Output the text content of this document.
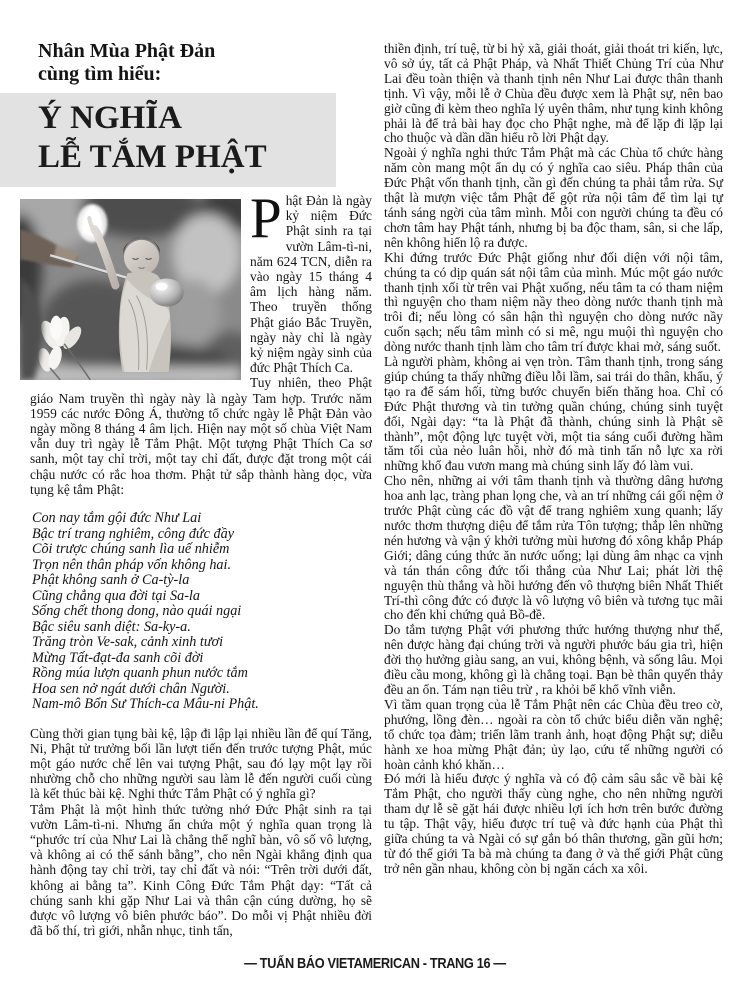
Nhân Mùa Phật Đản
cùng tìm hiểu:
Ý NGHĨA
LỄ TẮM PHẬT

Phật Đản là ngày kỷ niệm Đức Phật sinh ra tại vườn Lâm-tì-ni, năm 624 TCN, diễn ra vào ngày 15 tháng 4 âm lịch hàng năm. Theo truyền thống Phật giáo Bắc Truyền, ngày này chỉ là ngày kỷ niệm ngày sinh của đức Phật Thích Ca.

Tuy nhiên, theo Phật giáo Nam truyền thì ngày này là ngày Tam hợp. Trước năm 1959 các nước Đông Á, thường tổ chức ngày lễ Phật Đản vào ngày mồng 8 tháng 4 âm lịch. Hiện nay một số chùa Việt Nam vẫn duy trì ngày lễ Tắm Phật. Một tượng Phật Thích Ca sơ sanh, một tay chỉ trời, một tay chỉ đất, được đặt trong một cái chậu nước có rắc hoa thơm. Phật tử sắp thành hàng dọc, vừa tụng kệ tắm Phật:

Con nay tắm gội đức Như Lai
Bậc trí trang nghiêm, công đức đầy
Cõi trược chúng sanh lìa uế nhiễm
Trọn nên thân pháp vốn không hai.
Phật không sanh ở Ca-tỳ-la
Cũng chẳng qua đời tại Sa-la
Sống chết thong dong, nào quái ngại
Bậc siêu sanh diệt: Sa-ky-a.
Trăng tròn Ve-sak, cảnh xinh tươi
Mừng Tất-đạt-đa sanh cõi đời
Rồng múa lượn quanh phun nước tắm
Hoa sen nở ngát dưới chân Người.
Nam-mô Bổn Sư Thích-ca Mâu-ni Phật.

Cùng thời gian tụng bài kệ, lập đi lập lại nhiều lần để quí Tăng, Ni, Phật tử trưởng bối lần lượt tiến đến trước tượng Phật, múc một gáo nước chế lên vai tượng Phật, sau đó lạy một lạy rồi nhường chỗ cho những người sau làm lễ đến người cuối cùng là kết thúc bài kệ. Nghi thức Tắm Phật có ý nghĩa gì?

Tắm Phật là một hình thức tưởng nhớ Đức Phật sinh ra tại vườn Lâm-tì-ni. Nhưng ẩn chứa một ý nghĩa quan trọng là “phước trí của Như Lai là chẳng thể nghĩ bàn, vô số vô lượng, và không ai có thể sánh bằng”, cho nên Ngài khẳng định qua hành động tay chỉ trời, tay chỉ đất và nói: “Trên trời dưới đất, không ai bằng ta”. Kinh Công Đức Tắm Phật dạy: “Tất cả chúng sanh khi gặp Như Lai và thân cận cúng dường, họ sẽ được vô lượng vô biên phước báo”. Do mỗi vị Phật nhiều đời đã bố thí, trì giới, nhẫn nhục, tinh tấn,

thiền định, trí tuệ, từ bi hỷ xã, giải thoát, giải thoát tri kiến, lực, vô sở úy, tất cả Phật Pháp, và Nhất Thiết Chủng Trí của Như Lai đều toàn thiện và thanh tịnh nên Như Lai được thân thanh tịnh. Vì vậy, mỗi lễ ở Chùa đều được xem là Phật sự, nên bao giờ cũng đi kèm theo nghĩa lý uyên thâm, như tụng kinh không phải là để trả bài hay đọc cho Phật nghe, mà để lặp đi lặp lại cho thuộc và dần dần hiểu rõ lời Phật dạy.

Ngoài ý nghĩa nghi thức Tắm Phật mà các Chùa tổ chức hàng năm còn mang một ẩn dụ có ý nghĩa cao siêu. Pháp thân của Đức Phật vốn thanh tịnh, cần gì đến chúng ta phải tắm rửa. Sự thật là mượn việc tắm Phật để gột rửa nội tâm để tìm lại tự tánh sáng ngời của tâm mình. Mỗi con người chúng ta đều có chơn tâm hay Phật tánh, nhưng bị ba độc tham, sân, si che lấp, nên không hiển lộ ra được.

Khi đứng trước Đức Phật giống như đối diện với nội tâm, chúng ta có dịp quán sát nội tâm của mình. Múc một gáo nước thanh tịnh xối từ trên vai Phật xuống, nếu tâm ta có tham niệm thì nguyện cho tham niệm nầy theo dòng nước thanh tịnh mà trôi đi; nếu lòng có sân hận thì nguyện cho dòng nước nầy cuốn sạch; nếu tâm mình có si mê, ngu muội thì nguyện cho dòng nước thanh tịnh làm cho tâm trí được khai mở, sáng suốt.

Là người phàm, không ai vẹn tròn. Tâm thanh tịnh, trong sáng giúp chúng ta thấy những điều lỗi lầm, sai trái do thân, khẩu, ý tạo ra để sám hối, từng bước chuyển biến thăng hoa. Chỉ có Đức Phật thương và tin tưởng quần chúng, chúng sinh tuyệt đối, Ngài dạy: “ta là Phật đã thành, chúng sinh là Phật sẽ thành”, một động lực tuyệt vời, một tia sáng cuối đường hầm tăm tối của nẻo luân hồi, nhờ đó mà tinh tấn nỗ lực xa rời những khổ đau vươn mang mà chúng sinh lấy đó làm vui.

Cho nên, những ai với tâm thanh tịnh và thường dâng hương hoa anh lạc, tràng phan lọng che, và an trí những cái gối nệm ở trước Phật cùng các đồ vật để trang nghiêm xung quanh; lấy nước thơm thượng diệu để tắm rửa Tôn tượng; thắp lên những nén hương và vận ý khởi tưởng mùi hương đó xông khắp Pháp Giới; dâng cúng thức ăn nước uống; lại dùng âm nhạc ca vịnh và tán thán công đức tối thắng của Như Lai; phát lời thệ nguyện thù thắng và hồi hướng đến vô thượng biên Nhất Thiết Trí-thì công đức có được là vô lượng vô biên và tương tục mãi cho đến khi chứng quả Bồ-đề.

Do tắm tượng Phật với phương thức hướng thượng như thế, nên được hàng đại chúng trời và người phước báu gia trì, hiện đời thọ hưởng giàu sang, an vui, không bệnh, và sống lâu. Mọi điều cầu mong, không gì là chẳng toại. Bạn bè thân quyến thảy đều an ổn. Tám nạn tiêu trừ , ra khỏi bể khổ vĩnh viễn.

Vì tầm quan trọng của lễ Tắm Phật nên các Chùa đều treo cờ, phướng, lồng đèn… ngoài ra còn tổ chức biểu diễn văn nghệ; tổ chức tọa đàm; triển lãm tranh ảnh, hoạt động Phật sự; diễu hành xe hoa mừng Phật đản; ủy lạo, cứu tế những người có hoàn cảnh khó khăn…

Đó mới là hiểu được ý nghĩa và có độ cảm sâu sắc về bài kệ Tắm Phật, cho người thấy cùng nghe, cho nên những người tham dự lễ sẽ gặt hái được nhiều lợi ích hơn trên bước đường tu tập. Thật vậy, hiểu được trí tuệ và đức hạnh của Phật thì giữa chúng ta và Ngài có sự gắn bó thân thương, gần gũi hơn; từ đó thế giới Ta bà mà chúng ta đang ở và thế giới Phật cũng trở nên gần nhau, không còn bị ngăn cách xa xôi.

— TUẤN BÁO VIETAMERICAN - TRANG 16 —
